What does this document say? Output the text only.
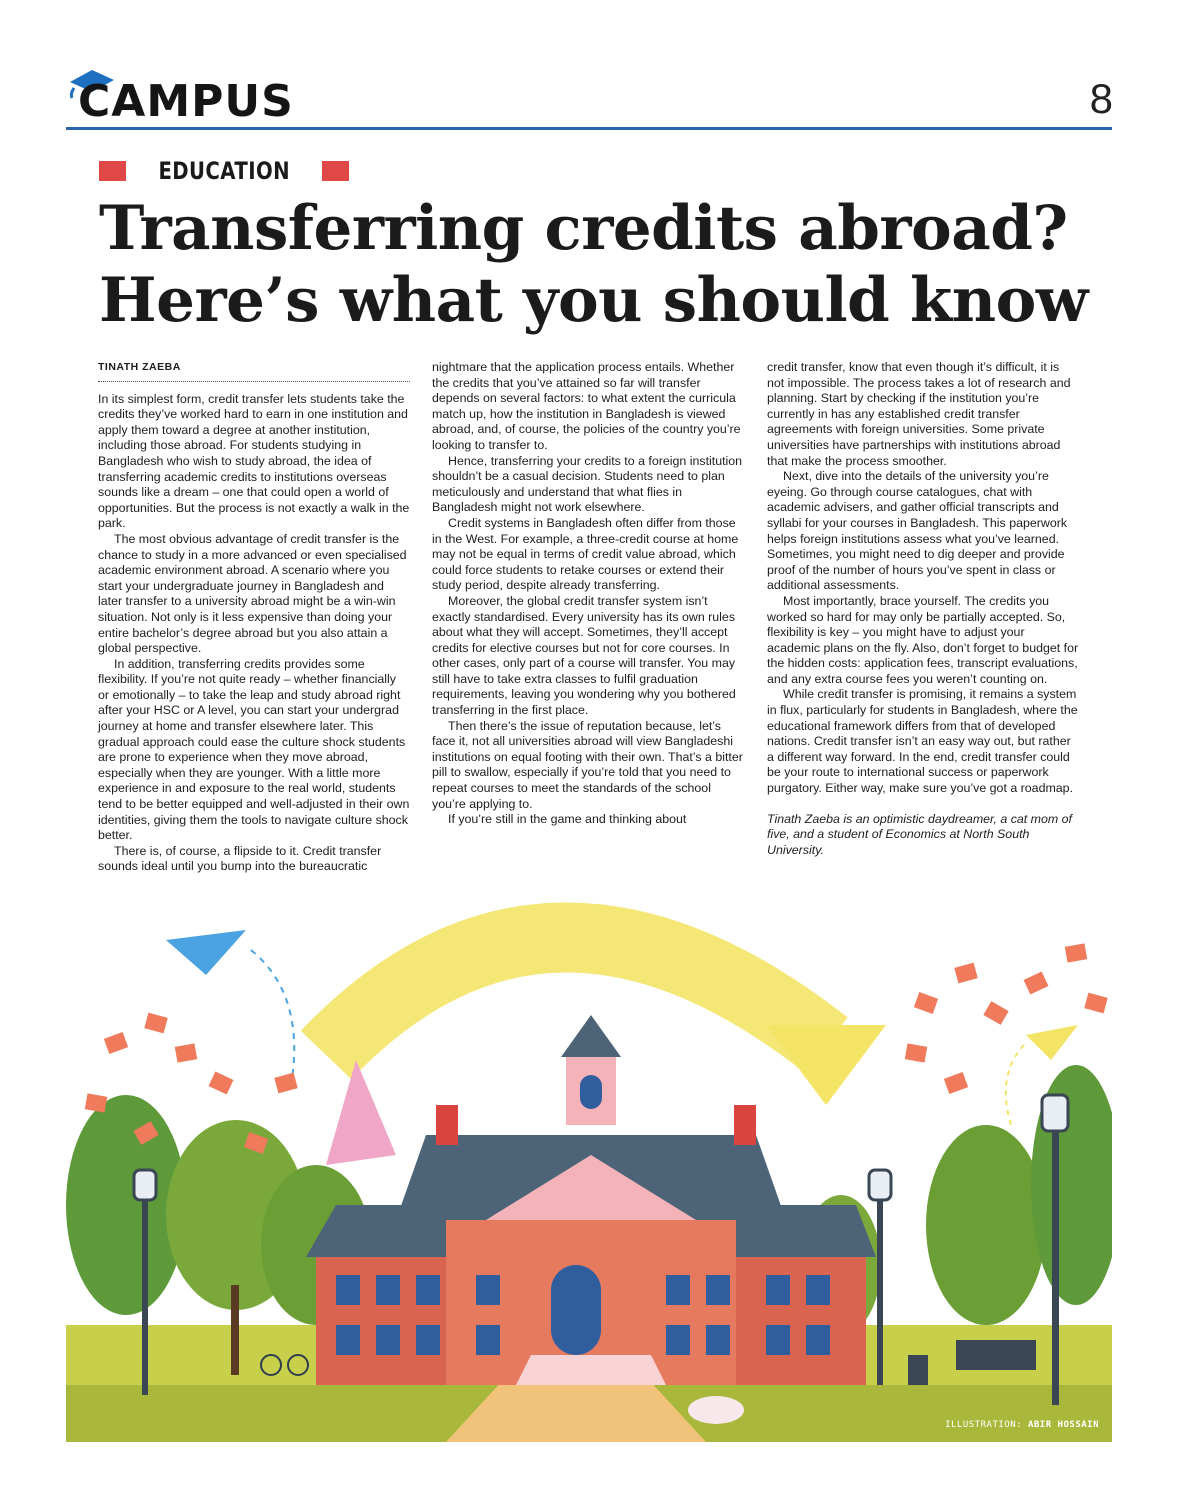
CAMPUS	8
EDUCATION
Transferring credits abroad?
Here’s what you should know

TINATH ZAEBA

In its simplest form, credit transfer lets students take the credits they’ve worked hard to earn in one institution and apply them toward a degree at another institution, including those abroad. For students studying in Bangladesh who wish to study abroad, the idea of transferring academic credits to institutions overseas sounds like a dream – one that could open a world of opportunities. But the process is not exactly a walk in the park.

The most obvious advantage of credit transfer is the chance to study in a more advanced or even specialised academic environment abroad. A scenario where you start your undergraduate journey in Bangladesh and later transfer to a university abroad might be a win-win situation. Not only is it less expensive than doing your entire bachelor’s degree abroad but you also attain a global perspective.

In addition, transferring credits provides some flexibility. If you’re not quite ready – whether financially or emotionally – to take the leap and study abroad right after your HSC or A level, you can start your undergrad journey at home and transfer elsewhere later. This gradual approach could ease the culture shock students are prone to experience when they move abroad, especially when they are younger. With a little more experience in and exposure to the real world, students tend to be better equipped and well-adjusted in their own identities, giving them the tools to navigate culture shock better.

There is, of course, a flipside to it. Credit transfer sounds ideal until you bump into the bureaucratic

nightmare that the application process entails. Whether the credits that you’ve attained so far will transfer depends on several factors: to what extent the curricula match up, how the institution in Bangladesh is viewed abroad, and, of course, the policies of the country you’re looking to transfer to.

Hence, transferring your credits to a foreign institution shouldn’t be a casual decision. Students need to plan meticulously and understand that what flies in Bangladesh might not work elsewhere.

Credit systems in Bangladesh often differ from those in the West. For example, a three-credit course at home may not be equal in terms of credit value abroad, which could force students to retake courses or extend their study period, despite already transferring.

Moreover, the global credit transfer system isn’t exactly standardised. Every university has its own rules about what they will accept. Sometimes, they’ll accept credits for elective courses but not for core courses. In other cases, only part of a course will transfer. You may still have to take extra classes to fulfil graduation requirements, leaving you wondering why you bothered transferring in the first place.

Then there’s the issue of reputation because, let’s face it, not all universities abroad will view Bangladeshi institutions on equal footing with their own. That’s a bitter pill to swallow, especially if you’re told that you need to repeat courses to meet the standards of the school you’re applying to.

If you’re still in the game and thinking about

credit transfer, know that even though it’s difficult, it is not impossible. The process takes a lot of research and planning. Start by checking if the institution you’re currently in has any established credit transfer agreements with foreign universities. Some private universities have partnerships with institutions abroad that make the process smoother.

Next, dive into the details of the university you’re eyeing. Go through course catalogues, chat with academic advisers, and gather official transcripts and syllabi for your courses in Bangladesh. This paperwork helps foreign institutions assess what you’ve learned. Sometimes, you might need to dig deeper and provide proof of the number of hours you’ve spent in class or additional assessments.

Most importantly, brace yourself. The credits you worked so hard for may only be partially accepted. So, flexibility is key – you might have to adjust your academic plans on the fly. Also, don’t forget to budget for the hidden costs: application fees, transcript evaluations, and any extra course fees you weren’t counting on.

While credit transfer is promising, it remains a system in flux, particularly for students in Bangladesh, where the educational framework differs from that of developed nations. Credit transfer isn’t an easy way out, but rather a different way forward. In the end, credit transfer could be your route to international success or paperwork purgatory. Either way, make sure you’ve got a roadmap.

Tinath Zaeba is an optimistic daydreamer, a cat mom of five, and a student of Economics at North South University.

ILLUSTRATION: ABIR HOSSAIN
